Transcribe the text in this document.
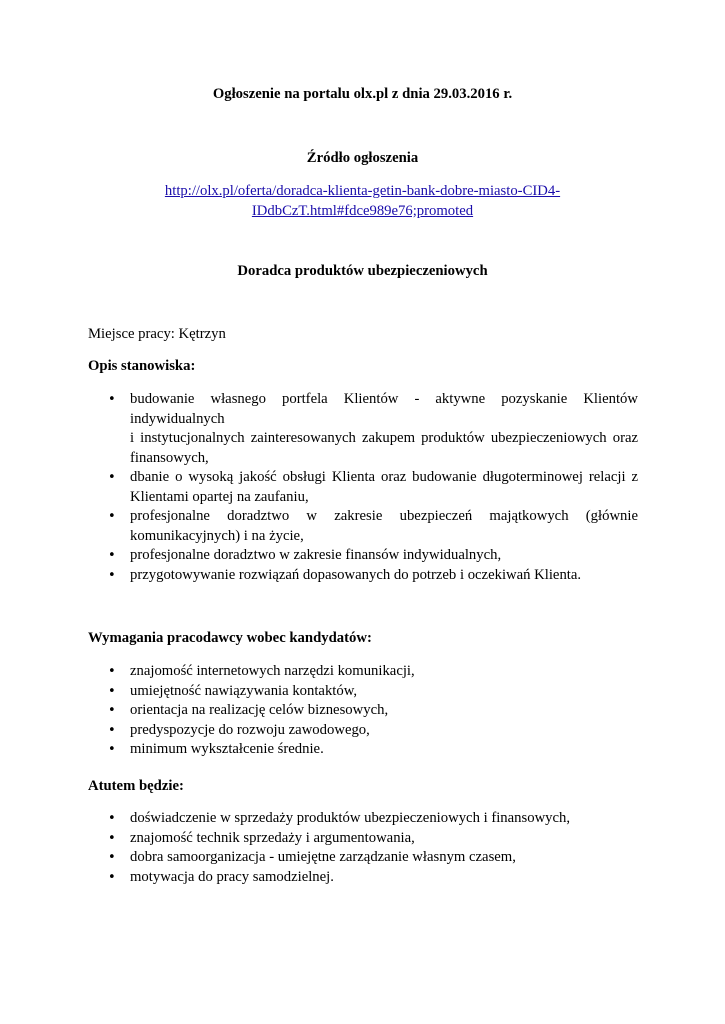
Ogłoszenie na portalu olx.pl z dnia 29.03.2016 r.
Źródło ogłoszenia
http://olx.pl/oferta/doradca-klienta-getin-bank-dobre-miasto-CID4-
IDdbCzT.html#fdce989e76;promoted
Doradca produktów ubezpieczeniowych
Miejsce pracy: Kętrzyn
Opis stanowiska:
• budowanie własnego portfela Klientów - aktywne pozyskanie Klientów indywidualnych
i instytucjonalnych zainteresowanych zakupem produktów ubezpieczeniowych oraz finansowych,
• dbanie o wysoką jakość obsługi Klienta oraz budowanie długoterminowej relacji z Klientami opartej na zaufaniu,
• profesjonalne doradztwo w zakresie ubezpieczeń majątkowych (głównie komunikacyjnych) i na życie,
• profesjonalne doradztwo w zakresie finansów indywidualnych,
• przygotowywanie rozwiązań dopasowanych do potrzeb i oczekiwań Klienta.
Wymagania pracodawcy wobec kandydatów:
• znajomość internetowych narzędzi komunikacji,
• umiejętność nawiązywania kontaktów,
• orientacja na realizację celów biznesowych,
• predyspozycje do rozwoju zawodowego,
• minimum wykształcenie średnie.
Atutem będzie:
• doświadczenie w sprzedaży produktów ubezpieczeniowych i finansowych,
• znajomość technik sprzedaży i argumentowania,
• dobra samoorganizacja - umiejętne zarządzanie własnym czasem,
• motywacja do pracy samodzielnej.
